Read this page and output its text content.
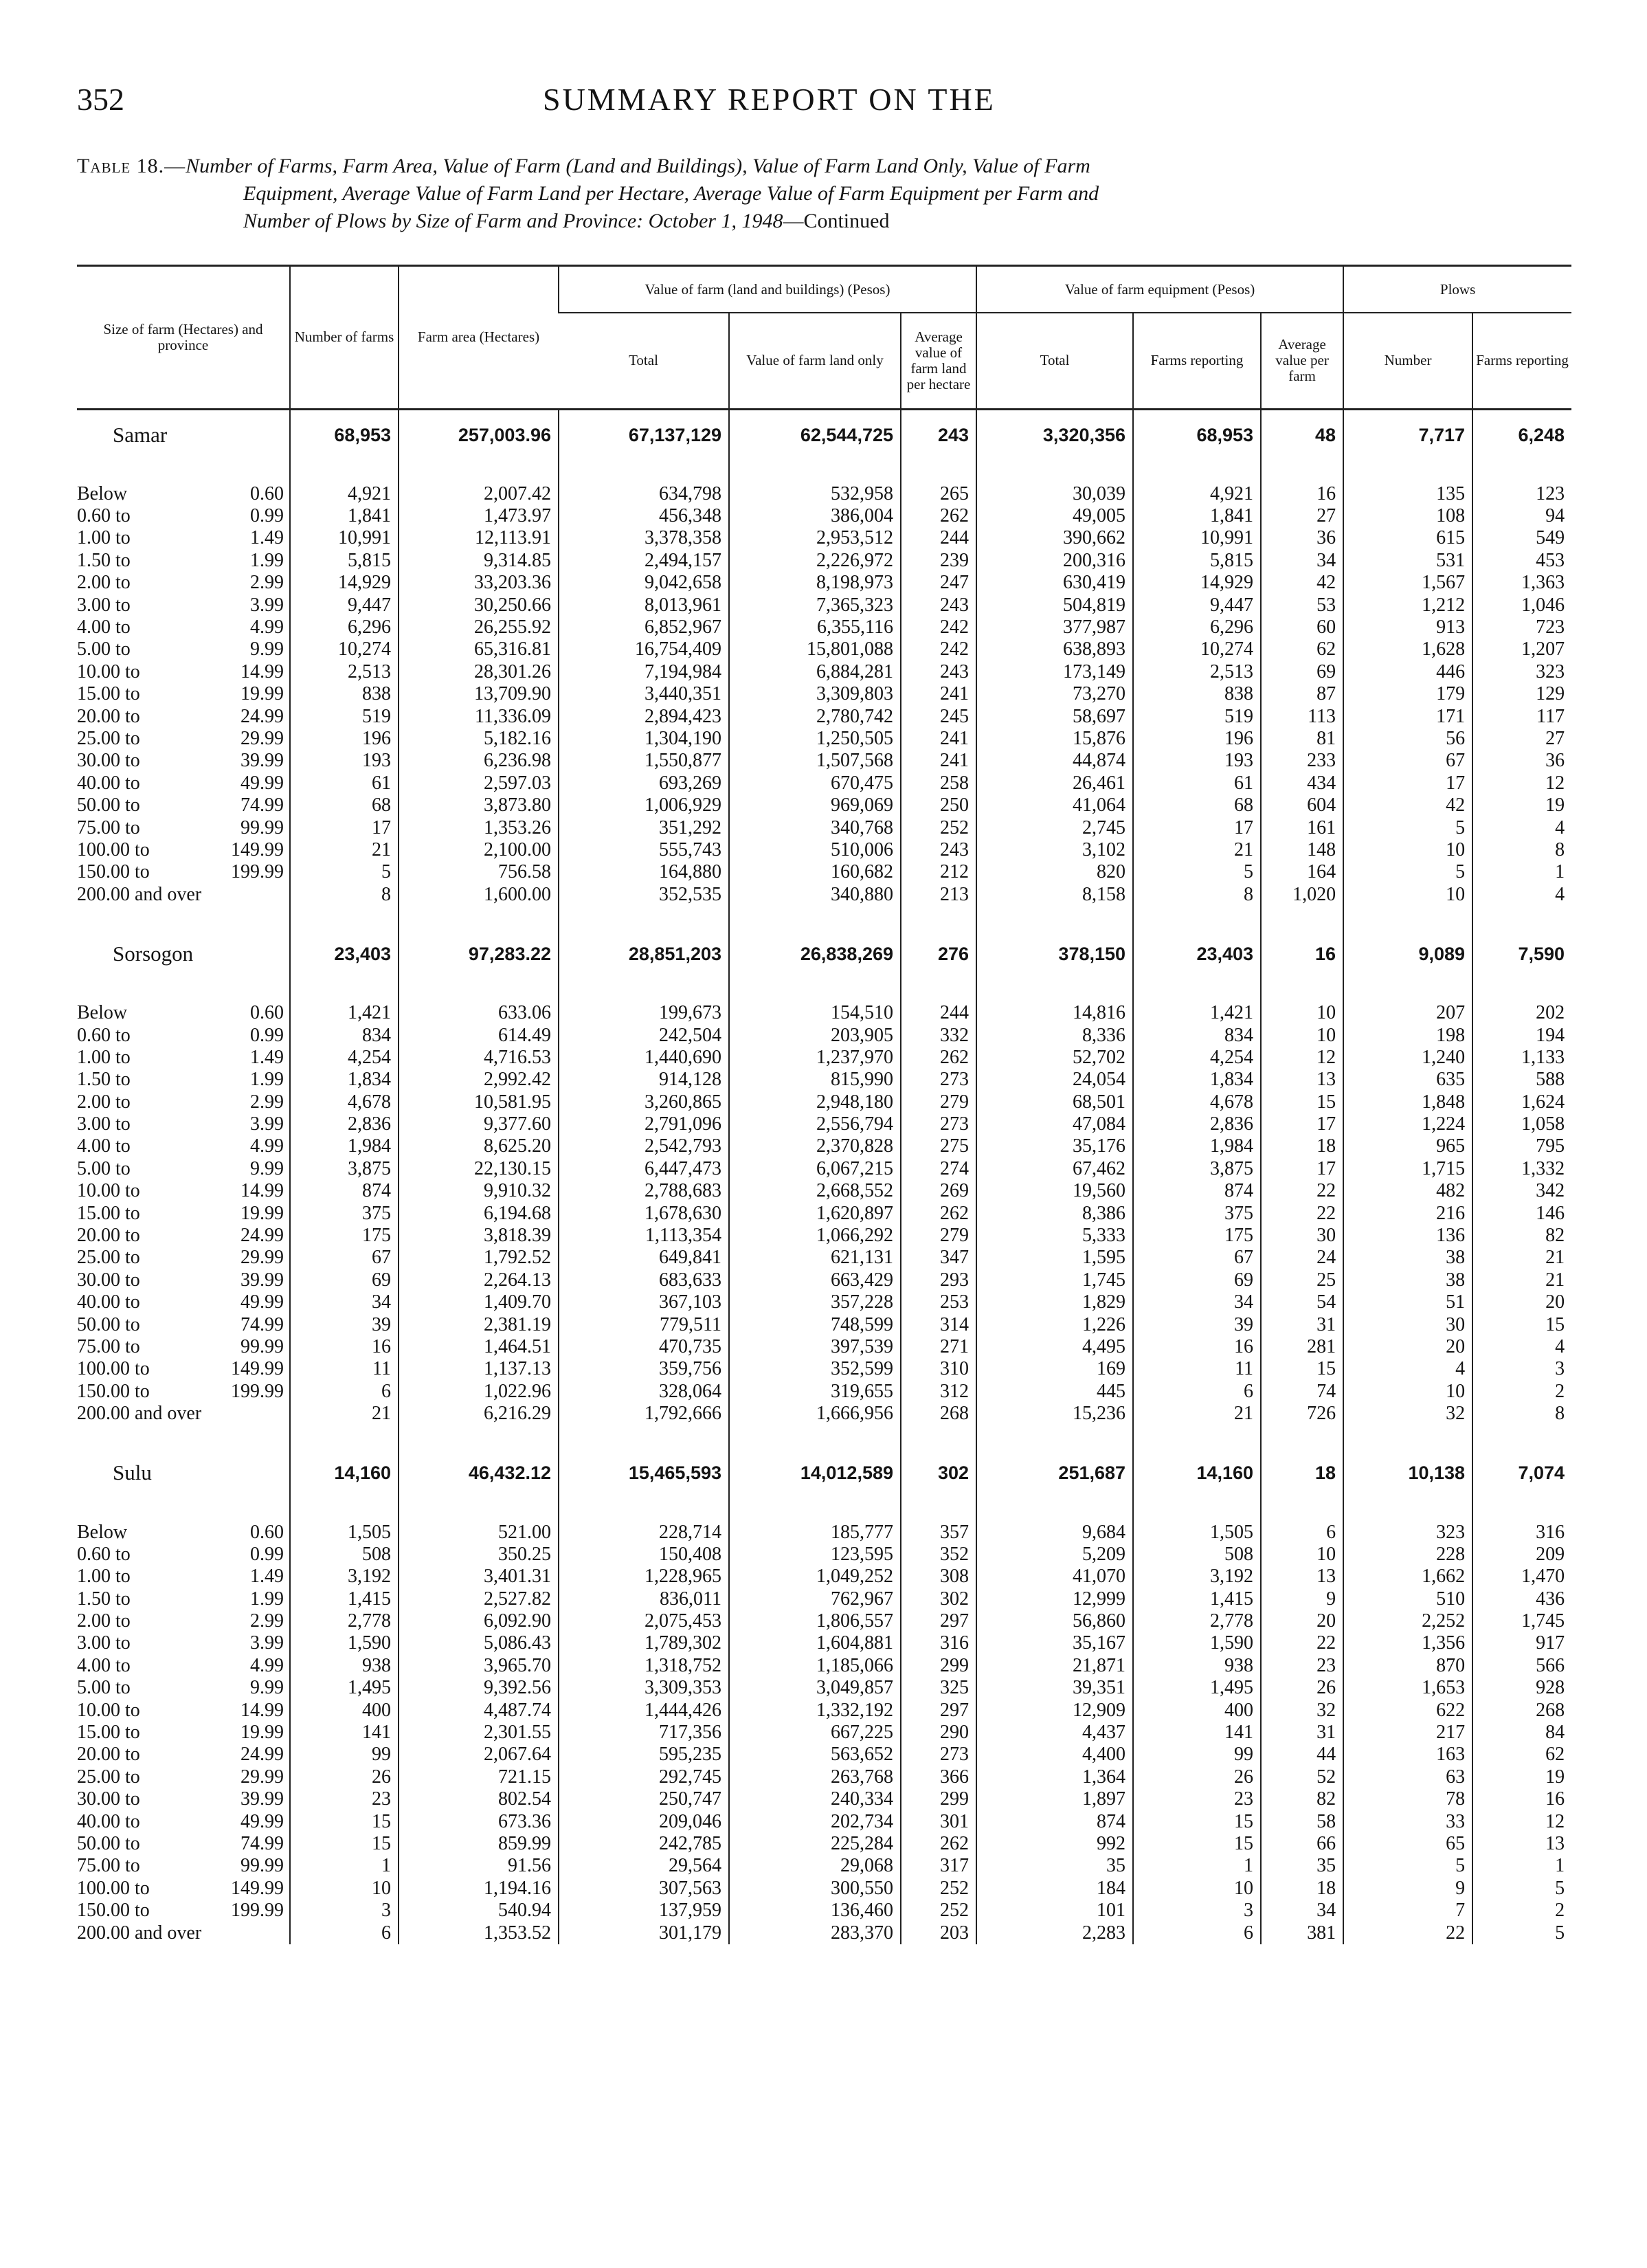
352	SUMMARY REPORT ON THE

Table 18.—Number of Farms, Farm Area, Value of Farm (Land and Buildings), Value of Farm Land Only, Value of Farm

Equipment, Average Value of Farm Land per Hectare, Average Value of Farm Equipment per Farm and

Number of Plows by Size of Farm and Province: October 1, 1948—Continued

Size of farm (Hectares) and province	Number of farms	Farm area (Hectares)	Value of farm (land and buildings) (Pesos)			Value of farm equipment (Pesos)			Plows	
			Total	Value of farm land only	Average value of farm land per hectare	Total	Farms reporting	Average value per farm	Number	Farms reporting
Samar	68,953	257,003.96	67,137,129	62,544,725	243	3,320,356	68,953	48	7,717	6,248

Below 0.60	4,921	2,007.42	634,798	532,958	265	30,039	4,921	16	135	123

0.60 to 0.99	1,841	1,473.97	456,348	386,004	262	49,005	1,841	27	108	94

1.00 to 1.49	10,991	12,113.91	3,378,358	2,953,512	244	390,662	10,991	36	615	549

1.50 to 1.99	5,815	9,314.85	2,494,157	2,226,972	239	200,316	5,815	34	531	453

2.00 to 2.99	14,929	33,203.36	9,042,658	8,198,973	247	630,419	14,929	42	1,567	1,363

3.00 to 3.99	9,447	30,250.66	8,013,961	7,365,323	243	504,819	9,447	53	1,212	1,046

4.00 to 4.99	6,296	26,255.92	6,852,967	6,355,116	242	377,987	6,296	60	913	723

5.00 to 9.99	10,274	65,316.81	16,754,409	15,801,088	242	638,893	10,274	62	1,628	1,207

10.00 to 14.99	2,513	28,301.26	7,194,984	6,884,281	243	173,149	2,513	69	446	323

15.00 to 19.99	838	13,709.90	3,440,351	3,309,803	241	73,270	838	87	179	129

20.00 to 24.99	519	11,336.09	2,894,423	2,780,742	245	58,697	519	113	171	117

25.00 to 29.99	196	5,182.16	1,304,190	1,250,505	241	15,876	196	81	56	27

30.00 to 39.99	193	6,236.98	1,550,877	1,507,568	241	44,874	193	233	67	36

40.00 to 49.99	61	2,597.03	693,269	670,475	258	26,461	61	434	17	12

50.00 to 74.99	68	3,873.80	1,006,929	969,069	250	41,064	68	604	42	19

75.00 to 99.99	17	1,353.26	351,292	340,768	252	2,745	17	161	5	4

100.00 to 149.99	21	2,100.00	555,743	510,006	243	3,102	21	148	10	8

150.00 to 199.99	5	756.58	164,880	160,682	212	820	5	164	5	1

200.00 and over	8	1,600.00	352,535	340,880	213	8,158	8	1,020	10	4

Sorsogon	23,403	97,283.22	28,851,203	26,838,269	276	378,150	23,403	16	9,089	7,590

Below 0.60	1,421	633.06	199,673	154,510	244	14,816	1,421	10	207	202

0.60 to 0.99	834	614.49	242,504	203,905	332	8,336	834	10	198	194

1.00 to 1.49	4,254	4,716.53	1,440,690	1,237,970	262	52,702	4,254	12	1,240	1,133

1.50 to 1.99	1,834	2,992.42	914,128	815,990	273	24,054	1,834	13	635	588

2.00 to 2.99	4,678	10,581.95	3,260,865	2,948,180	279	68,501	4,678	15	1,848	1,624

3.00 to 3.99	2,836	9,377.60	2,791,096	2,556,794	273	47,084	2,836	17	1,224	1,058

4.00 to 4.99	1,984	8,625.20	2,542,793	2,370,828	275	35,176	1,984	18	965	795

5.00 to 9.99	3,875	22,130.15	6,447,473	6,067,215	274	67,462	3,875	17	1,715	1,332

10.00 to 14.99	874	9,910.32	2,788,683	2,668,552	269	19,560	874	22	482	342

15.00 to 19.99	375	6,194.68	1,678,630	1,620,897	262	8,386	375	22	216	146

20.00 to 24.99	175	3,818.39	1,113,354	1,066,292	279	5,333	175	30	136	82

25.00 to 29.99	67	1,792.52	649,841	621,131	347	1,595	67	24	38	21

30.00 to 39.99	69	2,264.13	683,633	663,429	293	1,745	69	25	38	21

40.00 to 49.99	34	1,409.70	367,103	357,228	253	1,829	34	54	51	20

50.00 to 74.99	39	2,381.19	779,511	748,599	314	1,226	39	31	30	15

75.00 to 99.99	16	1,464.51	470,735	397,539	271	4,495	16	281	20	4

100.00 to 149.99	11	1,137.13	359,756	352,599	310	169	11	15	4	3

150.00 to 199.99	6	1,022.96	328,064	319,655	312	445	6	74	10	2

200.00 and over	21	6,216.29	1,792,666	1,666,956	268	15,236	21	726	32	8

Sulu	14,160	46,432.12	15,465,593	14,012,589	302	251,687	14,160	18	10,138	7,074

Below 0.60	1,505	521.00	228,714	185,777	357	9,684	1,505	6	323	316

0.60 to 0.99	508	350.25	150,408	123,595	352	5,209	508	10	228	209

1.00 to 1.49	3,192	3,401.31	1,228,965	1,049,252	308	41,070	3,192	13	1,662	1,470

1.50 to 1.99	1,415	2,527.82	836,011	762,967	302	12,999	1,415	9	510	436

2.00 to 2.99	2,778	6,092.90	2,075,453	1,806,557	297	56,860	2,778	20	2,252	1,745

3.00 to 3.99	1,590	5,086.43	1,789,302	1,604,881	316	35,167	1,590	22	1,356	917

4.00 to 4.99	938	3,965.70	1,318,752	1,185,066	299	21,871	938	23	870	566

5.00 to 9.99	1,495	9,392.56	3,309,353	3,049,857	325	39,351	1,495	26	1,653	928

10.00 to 14.99	400	4,487.74	1,444,426	1,332,192	297	12,909	400	32	622	268

15.00 to 19.99	141	2,301.55	717,356	667,225	290	4,437	141	31	217	84

20.00 to 24.99	99	2,067.64	595,235	563,652	273	4,400	99	44	163	62

25.00 to 29.99	26	721.15	292,745	263,768	366	1,364	26	52	63	19

30.00 to 39.99	23	802.54	250,747	240,334	299	1,897	23	82	78	16

40.00 to 49.99	15	673.36	209,046	202,734	301	874	15	58	33	12

50.00 to 74.99	15	859.99	242,785	225,284	262	992	15	66	65	13

75.00 to 99.99	1	91.56	29,564	29,068	317	35	1	35	5	1

100.00 to 149.99	10	1,194.16	307,563	300,550	252	184	10	18	9	5

150.00 to 199.99	3	540.94	137,959	136,460	252	101	3	34	7	2

200.00 and over	6	1,353.52	301,179	283,370	203	2,283	6	381	22	5
